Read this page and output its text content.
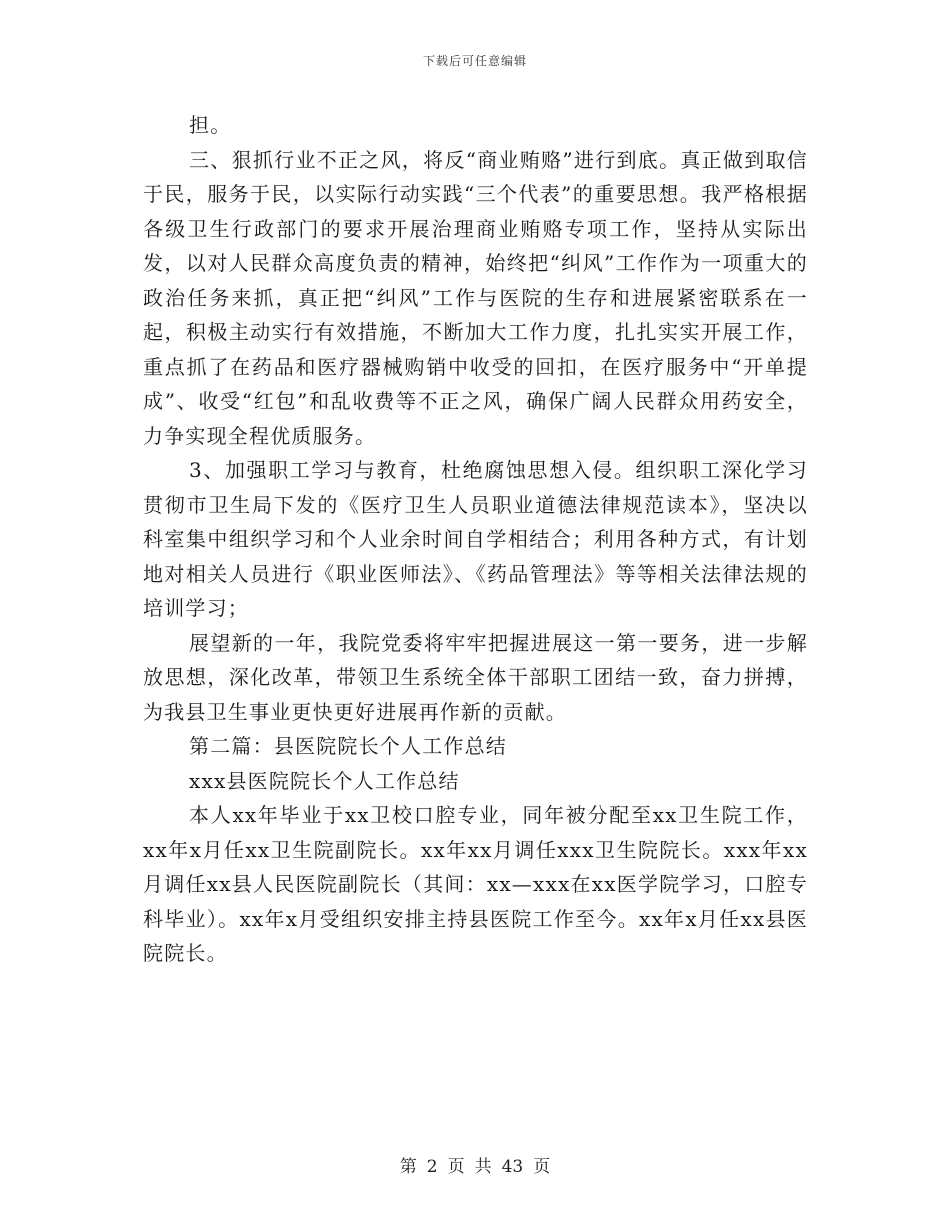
下载后可任意编辑

担。

三、狠抓行业不正之风，将反“商业贿赂”进行到底。真正做到取信于民，服务于民，以实际行动实践“三个代表”的重要思想。我严格根据各级卫生行政部门的要求开展治理商业贿赂专项工作，坚持从实际出发，以对人民群众高度负责的精神，始终把“纠风”工作作为一项重大的政治任务来抓，真正把“纠风”工作与医院的生存和进展紧密联系在一起，积极主动实行有效措施，不断加大工作力度，扎扎实实开展工作，重点抓了在药品和医疗器械购销中收受的回扣，在医疗服务中“开单提成”、收受“红包”和乱收费等不正之风，确保广阔人民群众用药安全，力争实现全程优质服务。

3、加强职工学习与教育，杜绝腐蚀思想入侵。组织职工深化学习贯彻市卫生局下发的《医疗卫生人员职业道德法律规范读本》，坚决以科室集中组织学习和个人业余时间自学相结合；利用各种方式，有计划地对相关人员进行《职业医师法》、《药品管理法》等等相关法律法规的培训学习；

展望新的一年，我院党委将牢牢把握进展这一第一要务，进一步解放思想，深化改革，带领卫生系统全体干部职工团结一致，奋力拼搏，为我县卫生事业更快更好进展再作新的贡献。

第二篇：县医院院长个人工作总结

xxx县医院院长个人工作总结

本人xx年毕业于xx卫校口腔专业，同年被分配至xx卫生院工作，xx年x月任xx卫生院副院长。xx年xx月调任xxx卫生院院长。xxx年xx月调任xx县人民医院副院长（其间：xx—xxx在xx医学院学习，口腔专科毕业）。xx年x月受组织安排主持县医院工作至今。xx年x月任xx县医院院长。

第 2 页 共 43 页
